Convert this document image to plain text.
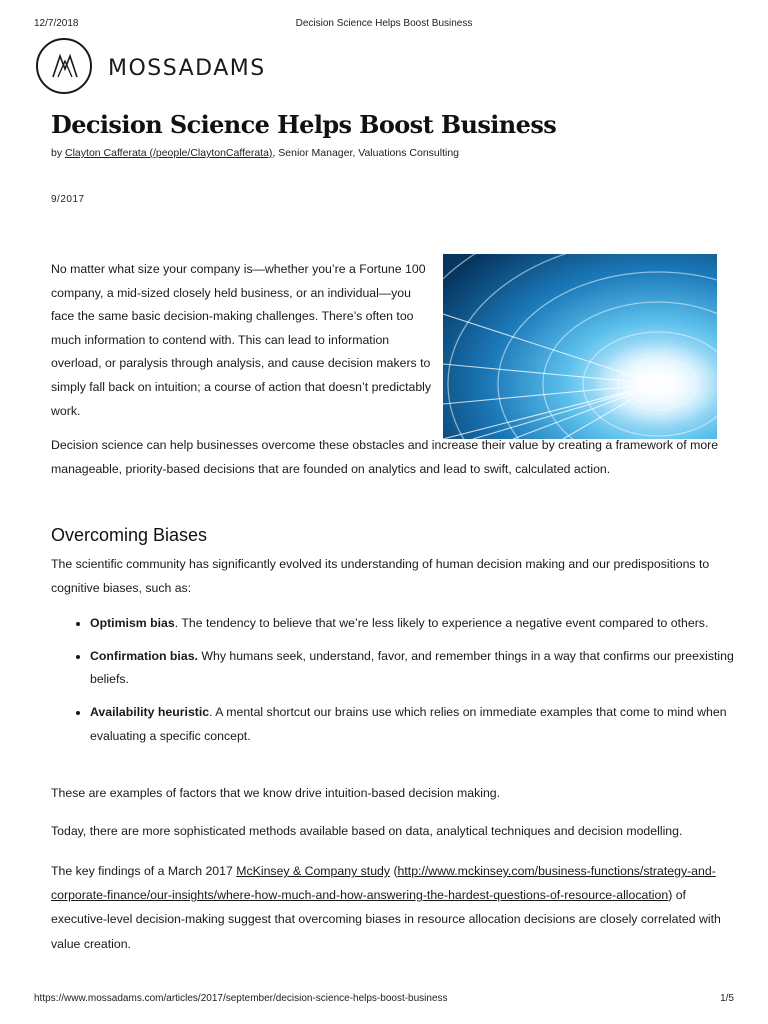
12/7/2018	Decision Science Helps Boost Business
MOSSADAMS
Decision Science Helps Boost Business
by Clayton Cafferata (/people/ClaytonCafferata), Senior Manager, Valuations Consulting
9/2017

No matter what size your company is—whether you’re a Fortune 100 company, a mid-sized closely held business, or an individual—you face the same basic decision-making challenges. There’s often too much information to contend with. This can lead to information overload, or paralysis through analysis, and cause decision makers to simply fall back on intuition; a course of action that doesn’t predictably work.

Decision science can help businesses overcome these obstacles and increase their value by creating a framework of more manageable, priority-based decisions that are founded on analytics and lead to swift, calculated action.

Overcoming Biases

The scientific community has significantly evolved its understanding of human decision making and our predispositions to cognitive biases, such as:

• Optimism bias. The tendency to believe that we’re less likely to experience a negative event compared to others.
• Confirmation bias. Why humans seek, understand, favor, and remember things in a way that confirms our preexisting beliefs.
• Availability heuristic. A mental shortcut our brains use which relies on immediate examples that come to mind when evaluating a specific concept.

These are examples of factors that we know drive intuition-based decision making.

Today, there are more sophisticated methods available based on data, analytical techniques and decision modelling.

The key findings of a March 2017 McKinsey & Company study (http://www.mckinsey.com/business-functions/strategy-and-corporate-finance/our-insights/where-how-much-and-how-answering-the-hardest-questions-of-resource-allocation) of executive-level decision-making suggest that overcoming biases in resource allocation decisions are closely correlated with value creation.

https://www.mossadams.com/articles/2017/september/decision-science-helps-boost-business	1/5
